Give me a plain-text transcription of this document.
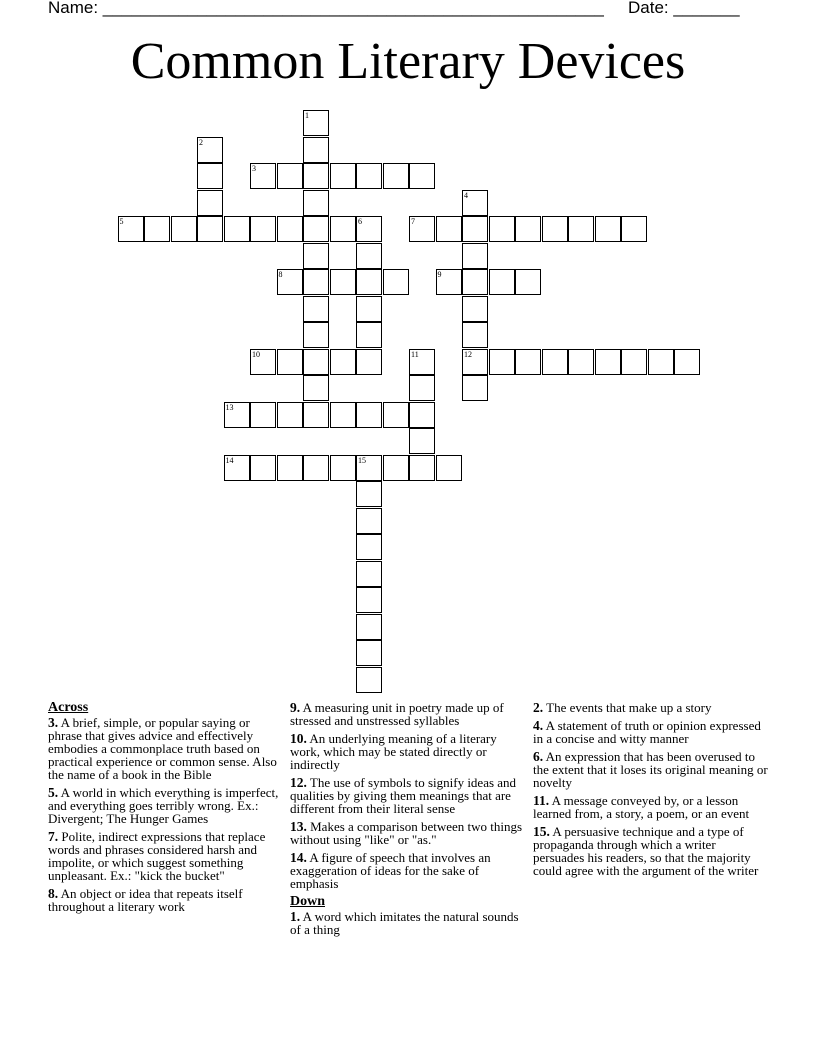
Name: _____________________________________________________ Date: _______
Common Literary Devices
1
2
3
4
12
5	6	7
8	9
10	11
13
14	15
Across
3. A brief, simple, or popular saying or phrase that gives advice and effectively embodies a commonplace truth based on practical experience or common sense. Also the name of a book in the Bible
5. A world in which everything is imperfect, and everything goes terribly wrong. Ex.: Divergent; The Hunger Games
7. Polite, indirect expressions that replace words and phrases considered harsh and impolite, or which suggest something unpleasant. Ex.: "kick the bucket"
8. An object or idea that repeats itself throughout a literary work
9. A measuring unit in poetry made up of stressed and unstressed syllables
10. An underlying meaning of a literary work, which may be stated directly or indirectly
12. The use of symbols to signify ideas and qualities by giving them meanings that are different from their literal sense
13. Makes a comparison between two things without using "like" or "as."
14. A figure of speech that involves an exaggeration of ideas for the sake of emphasis
Down
1. A word which imitates the natural sounds of a thing
2. The events that make up a story
4. A statement of truth or opinion expressed in a concise and witty manner
6. An expression that has been overused to the extent that it loses its original meaning or novelty
11. A message conveyed by, or a lesson learned from, a story, a poem, or an event
15. A persuasive technique and a type of propaganda through which a writer persuades his readers, so that the majority could agree with the argument of the writer
